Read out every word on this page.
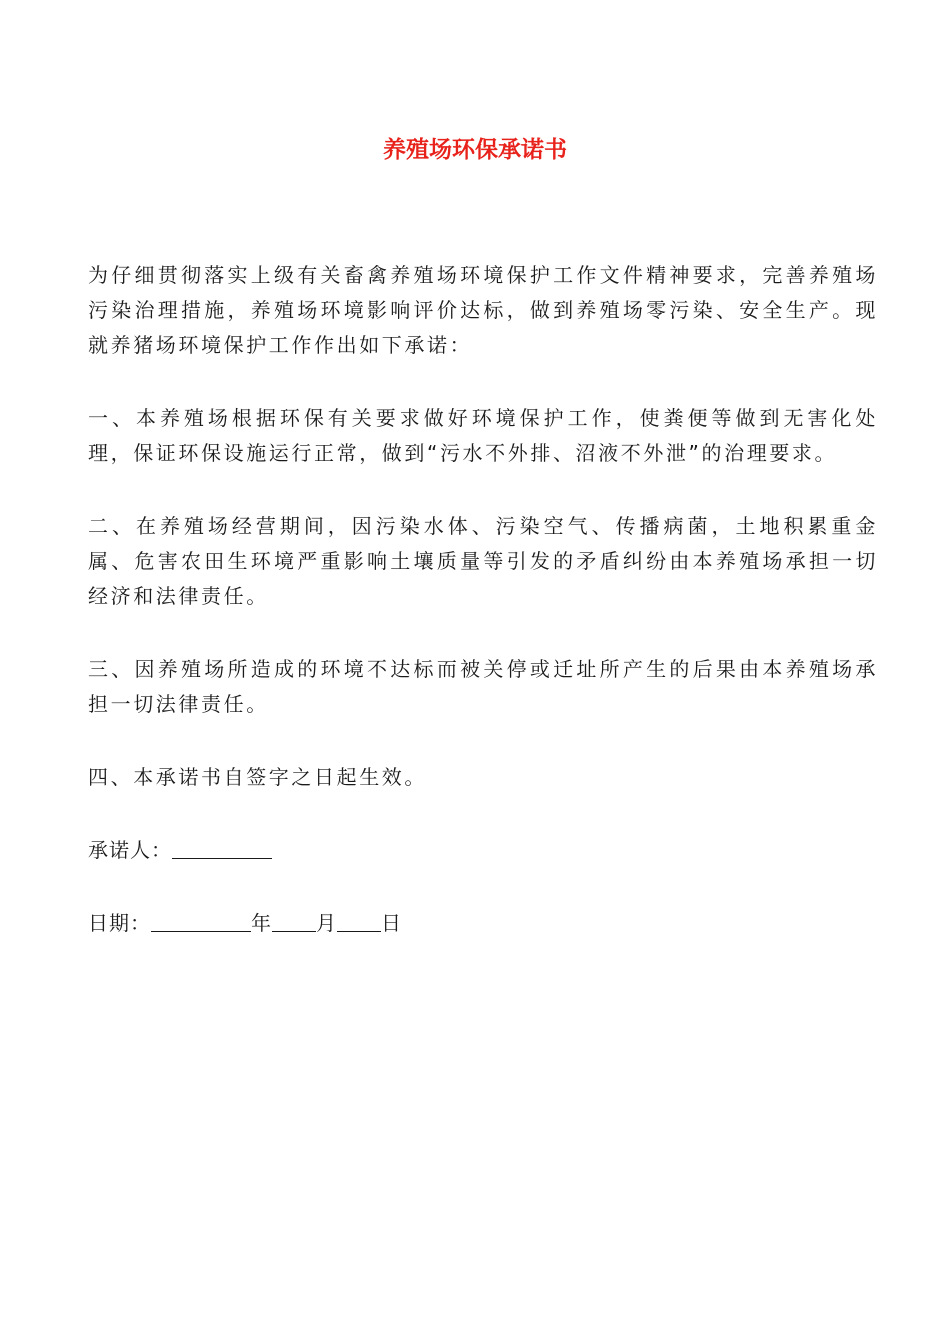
养殖场环保承诺书

为仔细贯彻落实上级有关畜禽养殖场环境保护工作文件精神要求，完善养殖场污染治理措施，养殖场环境影响评价达标，做到养殖场零污染、安全生产。现就养猪场环境保护工作作出如下承诺：

一、本养殖场根据环保有关要求做好环境保护工作，使粪便等做到无害化处理，保证环保设施运行正常，做到“污水不外排、沼液不外泄”的治理要求。

二、在养殖场经营期间，因污染水体、污染空气、传播病菌，土地积累重金属、危害农田生环境严重影响土壤质量等引发的矛盾纠纷由本养殖场承担一切经济和法律责任。

三、因养殖场所造成的环境不达标而被关停或迁址所产生的后果由本养殖场承担一切法律责任。

四、本承诺书自签字之日起生效。

承诺人：
日期：	年 月 日
